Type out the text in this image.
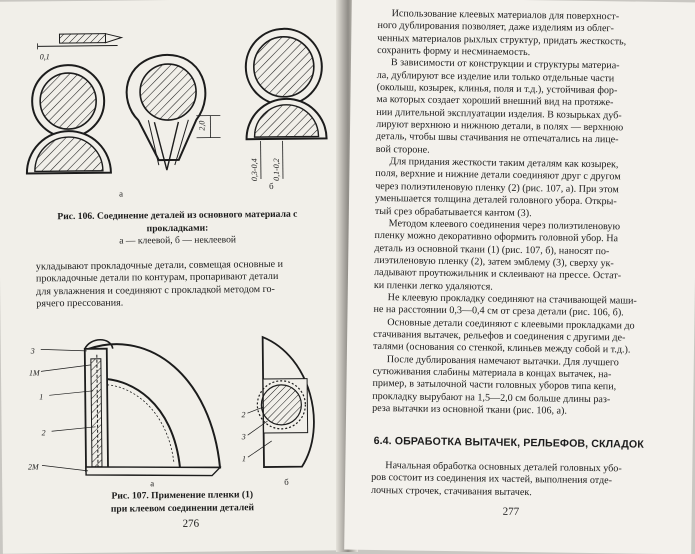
0,1
2,0
0,3-0,4 0,1-0,2
а
б
Рис. 106. Соединение деталей из основного материала с
прокладками:
а — клеевой, б — неклеевой
укладывают прокладочные детали, совмещая основные и
прокладочные детали по контурам, пропаривают детали
для увлажнения и соединяют с прокладкой методом го-
рячего прессования.
3
1М
1
2
2М
2
3
1
а	б
Рис. 107. Применение пленки (1)
при клеевом соединении деталей
276
Использование клеевых материалов для поверхност-
ного дублирования позволяет, даже изделиям из облег-
ченных материалов рыхлых структур, придать жесткость,
сохранить форму и несминаемость.
В зависимости от конструкции и структуры материа-
ла, дублируют все изделие или только отдельные части
(околыш, козырек, клинья, поля и т.д.), устойчивая фор-
ма которых создает хороший внешний вид на протяже-
нии длительной эксплуатации изделия. В козырьках дуб-
лируют верхнюю и нижнюю детали, в полях — верхнюю
деталь, чтобы швы стачивания не отпечатались на лице-
вой стороне.
Для придания жесткости таким деталям как козырек,
поля, верхние и нижние детали соединяют друг с другом
через полиэтиленовую пленку (2) (рис. 107, а). При этом
уменьшается толщина деталей головного убора. Откры-
тый срез обрабатывается кантом (3).
Методом клеевого соединения через полиэтиленовую
пленку можно декоративно оформить головной убор. На
деталь из основной ткани (1) (рис. 107, б), наносят по-
лиэтиленовую пленку (2), затем эмблему (3), сверху ук-
ладывают проутюжильник и склеивают на прессе. Остат-
ки пленки легко удаляются.
Не клеевую прокладку соединяют на стачивающей маши-
не на расстоянии 0,3—0,4 см от среза детали (рис. 106, б).
Основные детали соединяют с клеевыми прокладками до
стачивания вытачек, рельефов и соединения с другими де-
талями (основания со стенкой, клиньев между собой и т.д.).
После дублирования намечают вытачки. Для лучшего
сутюживания слабины материала в концах вытачек, на-
пример, в затылочной части головных уборов типа кепи,
прокладку вырубают на 1,5—2,0 см больше длины раз-
реза вытачки из основной ткани (рис. 106, а).
6.4. ОБРАБОТКА ВЫТАЧЕК, РЕЛЬЕФОВ, СКЛАДОК

Начальная обработка основных деталей головных убо-

ров состоит из соединения их частей, выполнения отде-
лочных строчек, стачивания вытачек.
277
